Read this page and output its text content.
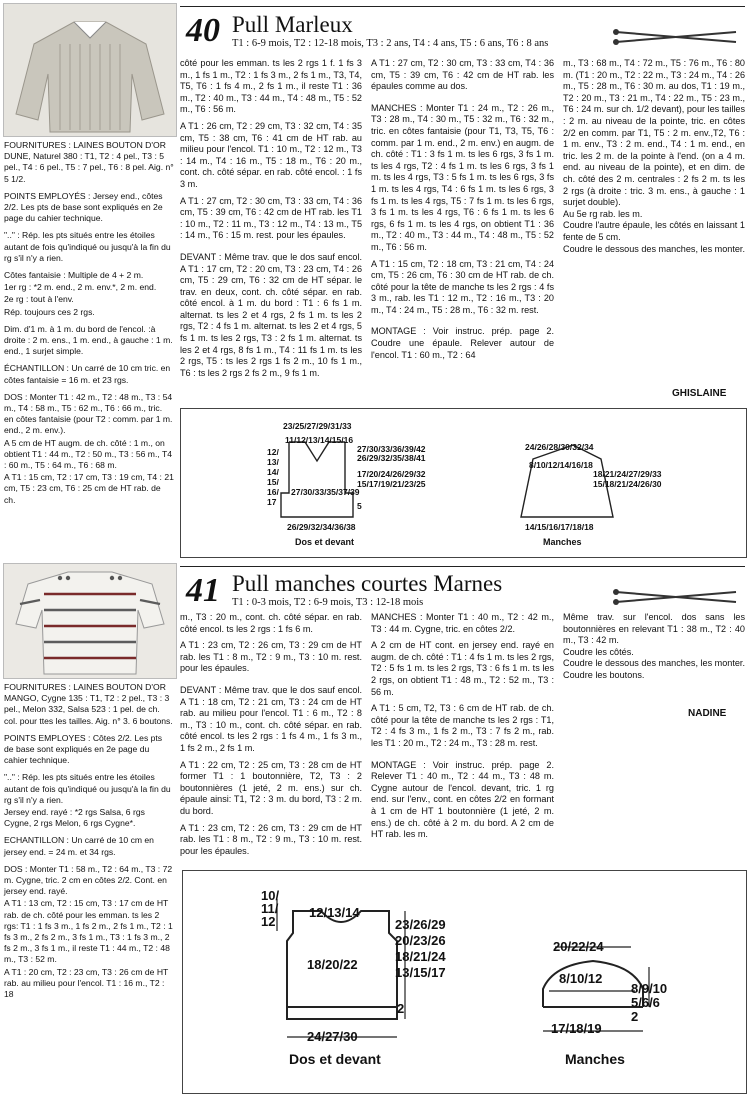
40 Pull Marleux
T1 : 6-9 mois, T2 : 12-18 mois, T3 : 2 ans, T4 : 4 ans, T5 : 6 ans, T6 : 8 ans

FOURNITURES : LAINES BOUTON D'OR DUNE, Naturel 380 : T1, T2 : 4 pel., T3 : 5 pel., T4 : 6 pel., T5 : 7 pel., T6 : 8 pel. Aig. n° 5 1/2.

POINTS EMPLOYÉS : Jersey end., côtes 2/2. Les pts de base sont expliqués en 2e page du cahier technique.

".." : Rép. les pts situés entre les étoiles autant de fois qu'indiqué ou jusqu'à la fin du rg s'il n'y a rien.

Côtes fantaisie : Multiple de 4 + 2 m.

1er rg : *2 m. end., 2 m. env.*, 2 m. end.

2e rg : tout à l'env.

Rép. toujours ces 2 rgs.

Dim. d'1 m. à 1 m. du bord de l'encol. :à droite : 2 m. ens., 1 m. end., à gauche : 1 m. end., 1 surjet simple.

ÉCHANTILLON : Un carré de 10 cm tric. en côtes fantaisie = 16 m. et 23 rgs.

DOS : Monter T1 : 42 m., T2 : 48 m., T3 : 54 m., T4 : 58 m., T5 : 62 m., T6 : 66 m., tric. en côtes fantaisie (pour T2 : comm. par 1 m. end., 2 m. env.).

A 5 cm de HT augm. de ch. côté : 1 m., on obtient T1 : 44 m., T2 : 50 m., T3 : 56 m., T4 : 60 m., T5 : 64 m., T6 : 68 m.

A T1 : 15 cm, T2 : 17 cm, T3 : 19 cm, T4 : 21 cm, T5 : 23 cm, T6 : 25 cm de HT rab. de ch.

côté pour les emman. ts les 2 rgs 1 f. 1 fs 3 m., 1 fs 1 m., T2 : 1 fs 3 m., 2 fs 1 m., T3, T4, T5, T6 : 1 fs 4 m., 2 fs 1 m., il reste T1 : 36 m., T2 : 40 m., T3 : 44 m., T4 : 48 m., T5 : 52 m., T6 : 56 m.

A T1 : 26 cm, T2 : 29 cm, T3 : 32 cm, T4 : 35 cm, T5 : 38 cm, T6 : 41 cm de HT rab. au milieu pour l'encol. T1 : 10 m., T2 : 12 m., T3 : 14 m., T4 : 16 m., T5 : 18 m., T6 : 20 m., cont. ch. côté sépar. en rab. côté encol. : 1 fs 3 m.

A T1 : 27 cm, T2 : 30 cm, T3 : 33 cm, T4 : 36 cm, T5 : 39 cm, T6 : 42 cm de HT rab. les T1 : 10 m., T2 : 11 m., T3 : 12 m., T4 : 13 m., T5 : 14 m., T6 : 15 m. rest. pour les épaules.

DEVANT : Même trav. que le dos sauf encol. A T1 : 17 cm, T2 : 20 cm, T3 : 23 cm, T4 : 26 cm, T5 : 29 cm, T6 : 32 cm de HT sépar. le trav. en deux, cont. ch. côté sépar. en rab. côté encol. à 1 m. du bord : T1 : 6 fs 1 m. alternat. ts les 2 et 4 rgs, 2 fs 1 m. ts les 2 rgs, T2 : 4 fs 1 m. alternat. ts les 2 et 4 rgs, 5 fs 1 m. ts les 2 rgs, T3 : 2 fs 1 m. alternat. ts les 2 et 4 rgs, 8 fs 1 m., T4 : 11 fs 1 m. ts les 2 rgs, T5 : ts les 2 rgs 1 fs 2 m., 10 fs 1 m., T6 : ts les 2 rgs 2 fs 2 m., 9 fs 1 m.

A T1 : 27 cm, T2 : 30 cm, T3 : 33 cm, T4 : 36 cm, T5 : 39 cm, T6 : 42 cm de HT rab. les épaules comme au dos.

MANCHES : Monter T1 : 24 m., T2 : 26 m., T3 : 28 m., T4 : 30 m., T5 : 32 m., T6 : 32 m., tric. en côtes fantaisie (pour T1, T3, T5, T6 : comm. par 1 m. end., 2 m. env.) en augm. de ch. côté : T1 : 3 fs 1 m. ts les 6 rgs, 3 fs 1 m. ts les 4 rgs, T2 : 4 fs 1 m. ts les 6 rgs, 3 fs 1 m. ts les 4 rgs, T3 : 5 fs 1 m. ts les 6 rgs, 3 fs 1 m. ts les 4 rgs, T4 : 6 fs 1 m. ts les 6 rgs, 3 fs 1 m. ts les 4 rgs, T5 : 7 fs 1 m. ts les 6 rgs, 3 fs 1 m. ts les 4 rgs, T6 : 6 fs 1 m. ts les 6 rgs, 6 fs 1 m. ts les 4 rgs, on obtient T1 : 36 m., T2 : 40 m., T3 : 44 m., T4 : 48 m., T5 : 52 m., T6 : 56 m.

A T1 : 15 cm, T2 : 18 cm, T3 : 21 cm, T4 : 24 cm, T5 : 26 cm, T6 : 30 cm de HT rab. de ch. côté pour la tête de manche ts les 2 rgs : 4 fs 3 m., rab. les T1 : 12 m., T2 : 16 m., T3 : 20 m., T4 : 24 m., T5 : 28 m., T6 : 32 m. rest.

MONTAGE : Voir instruc. prép. page 2. Coudre une épaule. Relever autour de l'encol. T1 : 60 m., T2 : 64

m., T3 : 68 m., T4 : 72 m., T5 : 76 m., T6 : 80 m. (T1 : 20 m., T2 : 22 m., T3 : 24 m., T4 : 26 m., T5 : 28 m., T6 : 30 m. au dos, T1 : 19 m., T2 : 20 m., T3 : 21 m., T4 : 22 m., T5 : 23 m., T6 : 24 m. sur ch. 1/2 devant), pour les tailles : 2 m. au niveau de la pointe, tric. en côtes 2/2 en comm. par T1, T5 : 2 m. env.,T2, T6 : 1 m. env., T3 : 2 m. end., T4 : 1 m. end., en tric. les 2 m. de la pointe à l'end. (on a 4 m. end. au niveau de la pointe), et en dim. de ch. côté des 2 m. centrales : 2 fs 2 m. ts les 2 rgs (à droite : tric. 3 m. ens., à gauche : 1 surjet double).

Au 5e rg rab. les m.

Coudre l'autre épaule, les côtés en laissant 1 fente de 5 cm.

Coudre le dessous des manches, les monter.

GHISLAINE
23/25/27/29/31/33
11/12/13/14/15/16
12/ 13/ 14/ 15/ 16/ 17
27/30/33/36/39/42
26/29/32/35/38/41
17/20/24/26/29/32
15/17/19/21/23/25
27/30/33/35/37/39
5
26/29/32/34/36/38
Dos et devant
24/26/28/30/32/34
8/10/12/14/16/18
18/21/24/27/29/33
15/18/21/24/26/30
14/15/16/17/18/18
Manches
41 Pull manches courtes Marnes
T1 : 0-3 mois, T2 : 6-9 mois, T3 : 12-18 mois

FOURNITURES : LAINES BOUTON D'OR MANGO, Cygne 135 : T1, T2 : 2 pel., T3 : 3 pel., Melon 332, Salsa 523 : 1 pel. de ch. col. pour ttes les tailles. Aig. n° 3. 6 boutons.

POINTS EMPLOYES : Côtes 2/2. Les pts de base sont expliqués en 2e page du cahier technique.

".." : Rép. les pts situés entre les étoiles autant de fois qu'indiqué ou jusqu'à la fin du rg s'il n'y a rien.

Jersey end. rayé : *2 rgs Salsa, 6 rgs Cygne, 2 rgs Melon, 6 rgs Cygne*.

ECHANTILLON : Un carré de 10 cm en jersey end. = 24 m. et 34 rgs.

DOS : Monter T1 : 58 m., T2 : 64 m., T3 : 72 m. Cygne, tric. 2 cm en côtes 2/2. Cont. en jersey end. rayé.

A T1 : 13 cm, T2 : 15 cm, T3 : 17 cm de HT rab. de ch. côté pour les emman. ts les 2 rgs: T1 : 1 fs 3 m., 1 fs 2 m., 2 fs 1 m., T2 : 1 fs 3 m., 2 fs 2 m., 3 fs 1 m., T3 : 1 fs 3 m., 2 fs 2 m., 3 fs 1 m., il reste T1 : 44 m., T2 : 48 m., T3 : 52 m.

A T1 : 20 cm, T2 : 23 cm, T3 : 26 cm de HT rab. au milieu pour l'encol. T1 : 16 m., T2 : 18

m., T3 : 20 m., cont. ch. côté sépar. en rab. côté encol. ts les 2 rgs : 1 fs 6 m.

A T1 : 23 cm, T2 : 26 cm, T3 : 29 cm de HT rab. les T1 : 8 m., T2 : 9 m., T3 : 10 m. rest. pour les épaules.

DEVANT : Même trav. que le dos sauf encol. A T1 : 18 cm, T2 : 21 cm, T3 : 24 cm de HT rab. au milieu pour l'encol. T1 : 6 m., T2 : 8 m., T3 : 10 m., cont. ch. côté sépar. en rab. côté encol. ts les 2 rgs : 1 fs 4 m., 1 fs 3 m., 1 fs 2 m., 2 fs 1 m.

A T1 : 22 cm, T2 : 25 cm, T3 : 28 cm de HT former T1 : 1 boutonnière, T2, T3 : 2 boutonnières (1 jeté, 2 m. ens.) sur ch. épaule ainsi: T1, T2 : 3 m. du bord, T3 : 2 m. du bord.

A T1 : 23 cm, T2 : 26 cm, T3 : 29 cm de HT rab. les T1 : 8 m., T2 : 9 m., T3 : 10 m. rest. pour les épaules.

MANCHES : Monter T1 : 40 m., T2 : 42 m., T3 : 44 m. Cygne, tric. en côtes 2/2.

A 2 cm de HT cont. en jersey end. rayé en augm. de ch. côté : T1 : 4 fs 1 m. ts les 2 rgs, T2 : 5 fs 1 m. ts les 2 rgs, T3 : 6 fs 1 m. ts les 2 rgs, on obtient T1 : 48 m., T2 : 52 m., T3 : 56 m.

A T1 : 5 cm, T2, T3 : 6 cm de HT rab. de ch. côté pour la tête de manche ts les 2 rgs : T1, T2 : 4 fs 3 m., 1 fs 2 m., T3 : 7 fs 2 m., rab. les T1 : 20 m., T2 : 24 m., T3 : 28 m. rest.

MONTAGE : Voir instruc. prép. page 2. Relever T1 : 40 m., T2 : 44 m., T3 : 48 m. Cygne autour de l'encol. devant, tric. 1 rg end. sur l'env., cont. en côtes 2/2 en formant à 1 cm de HT 1 boutonnière (1 jeté, 2 m. ens.) de ch. côté à 2 m. du bord. A 2 cm de HT rab. les m.

Même trav. sur l'encol. dos sans les boutonnières en relevant T1 : 38 m., T2 : 40 m., T3 : 42 m.

Coudre les côtés.

Coudre le dessous des manches, les monter.

Coudre les boutons.

NADINE
10/ 11/ 12
12/13/14
18/20/22
23/26/29
20/23/26
18/21/24
13/15/17
2
24/27/30
Dos et devant
20/22/24
8/10/12
8/9/10
5/6/6
2
17/18/19
Manches
